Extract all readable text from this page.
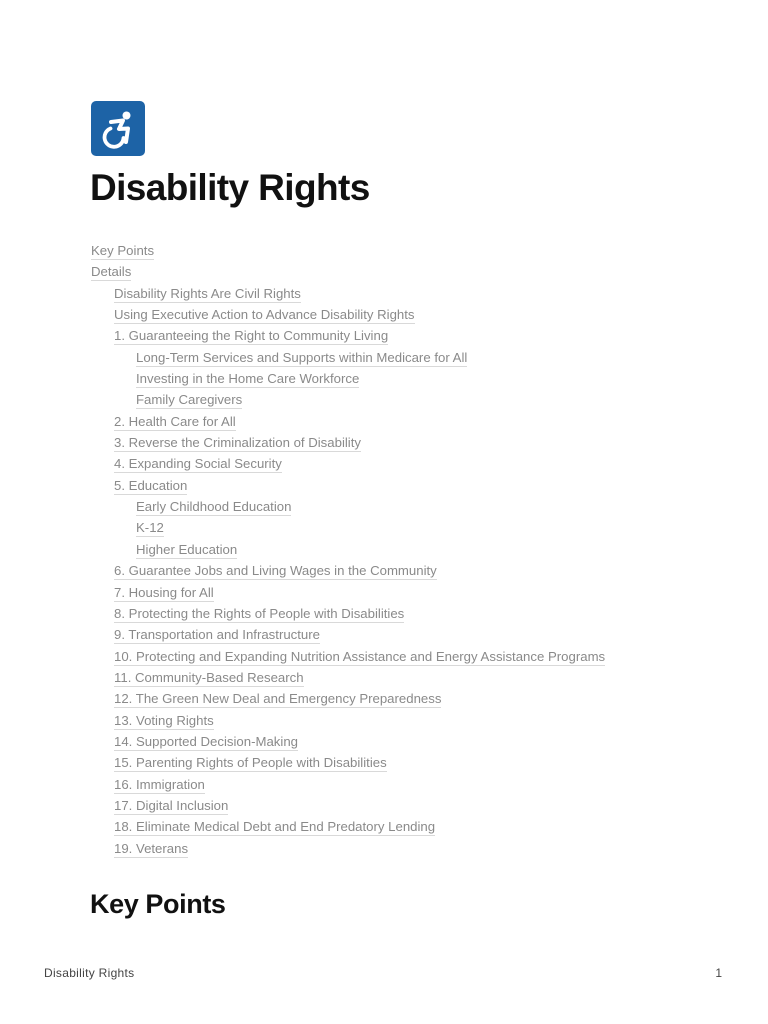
Disability Rights
Key Points
Details
Disability Rights Are Civil Rights
Using Executive Action to Advance Disability Rights
1. Guaranteeing the Right to Community Living
Long-Term Services and Supports within Medicare for All
Investing in the Home Care Workforce
Family Caregivers
2. Health Care for All
3. Reverse the Criminalization of Disability
4. Expanding Social Security
5. Education
Early Childhood Education
K-12
Higher Education
6. Guarantee Jobs and Living Wages in the Community
7. Housing for All
8. Protecting the Rights of People with Disabilities
9. Transportation and Infrastructure
10. Protecting and Expanding Nutrition Assistance and Energy Assistance Programs
11. Community-Based Research
12. The Green New Deal and Emergency Preparedness
13. Voting Rights
14. Supported Decision-Making
15. Parenting Rights of People with Disabilities
16. Immigration
17. Digital Inclusion
18. Eliminate Medical Debt and End Predatory Lending
19. Veterans
Key Points
Disability Rights	1
